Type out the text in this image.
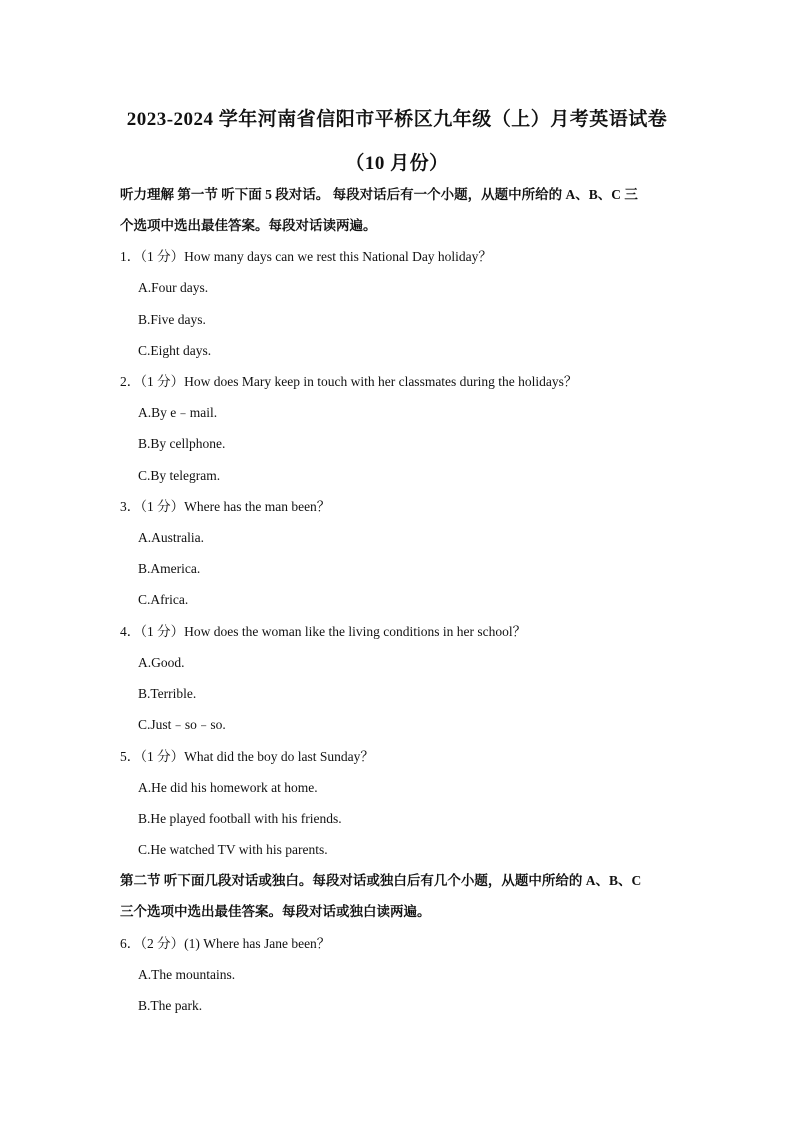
2023-2024 学年河南省信阳市平桥区九年级（上）月考英语试卷
（10 月份）
听力理解 第一节 听下面 5 段对话。 每段对话后有一个小题，从题中所给的 A、B、C 三
个选项中选出最佳答案。每段对话读两遍。
1．（1 分）How many days can we rest this National Day holiday？
A.Four days.
B.Five days.
C.Eight days.
2．（1 分）How does Mary keep in touch with her classmates during the holidays？
A.By e﹣mail.
B.By cellphone.
C.By telegram.
3．（1 分）Where has the man been？
A.Australia.
B.America.
C.Africa.
4．（1 分）How does the woman like the living conditions in her school？
A.Good.
B.Terrible.
C.Just﹣so﹣so.
5．（1 分）What did the boy do last Sunday？
A.He did his homework at home.
B.He played football with his friends.
C.He watched TV with his parents.
第二节 听下面几段对话或独白。每段对话或独白后有几个小题，从题中所给的 A、B、C
三个选项中选出最佳答案。每段对话或独白读两遍。
6．（2 分）(1) Where has Jane been？
A.The mountains.
B.The park.
